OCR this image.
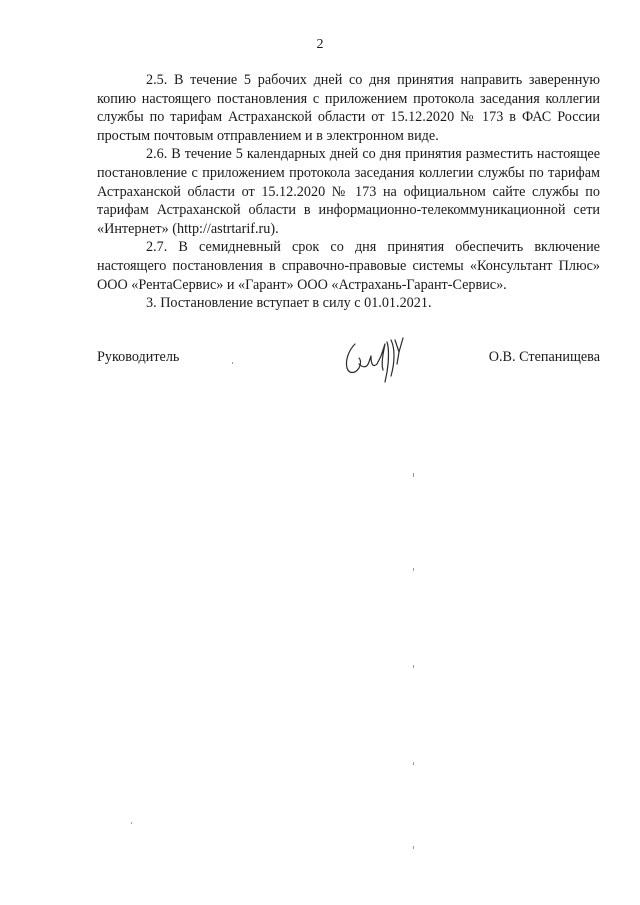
2

2.5. В течение 5 рабочих дней со дня принятия направить заверенную копию настоящего постановления с приложением протокола заседания коллегии службы по тарифам Астраханской области от 15.12.2020 № 173 в ФАС России простым почтовым отправлением и в электронном виде.

2.6. В течение 5 календарных дней со дня принятия разместить настоящее постановление с приложением протокола заседания коллегии службы по тарифам Астраханской области от 15.12.2020 № 173 на официальном сайте службы по тарифам Астраханской области в информационно-телекоммуникационной сети «Интернет» (http://astrtarif.ru).

2.7. В семидневный срок со дня принятия обеспечить включение настоящего постановления в справочно-правовые системы «Консультант Плюс» ООО «РентаСервис» и «Гарант» ООО «Астрахань-Гарант-Сервис».

3. Постановление вступает в силу с 01.01.2021.

Руководитель	О.В. Степанищева
